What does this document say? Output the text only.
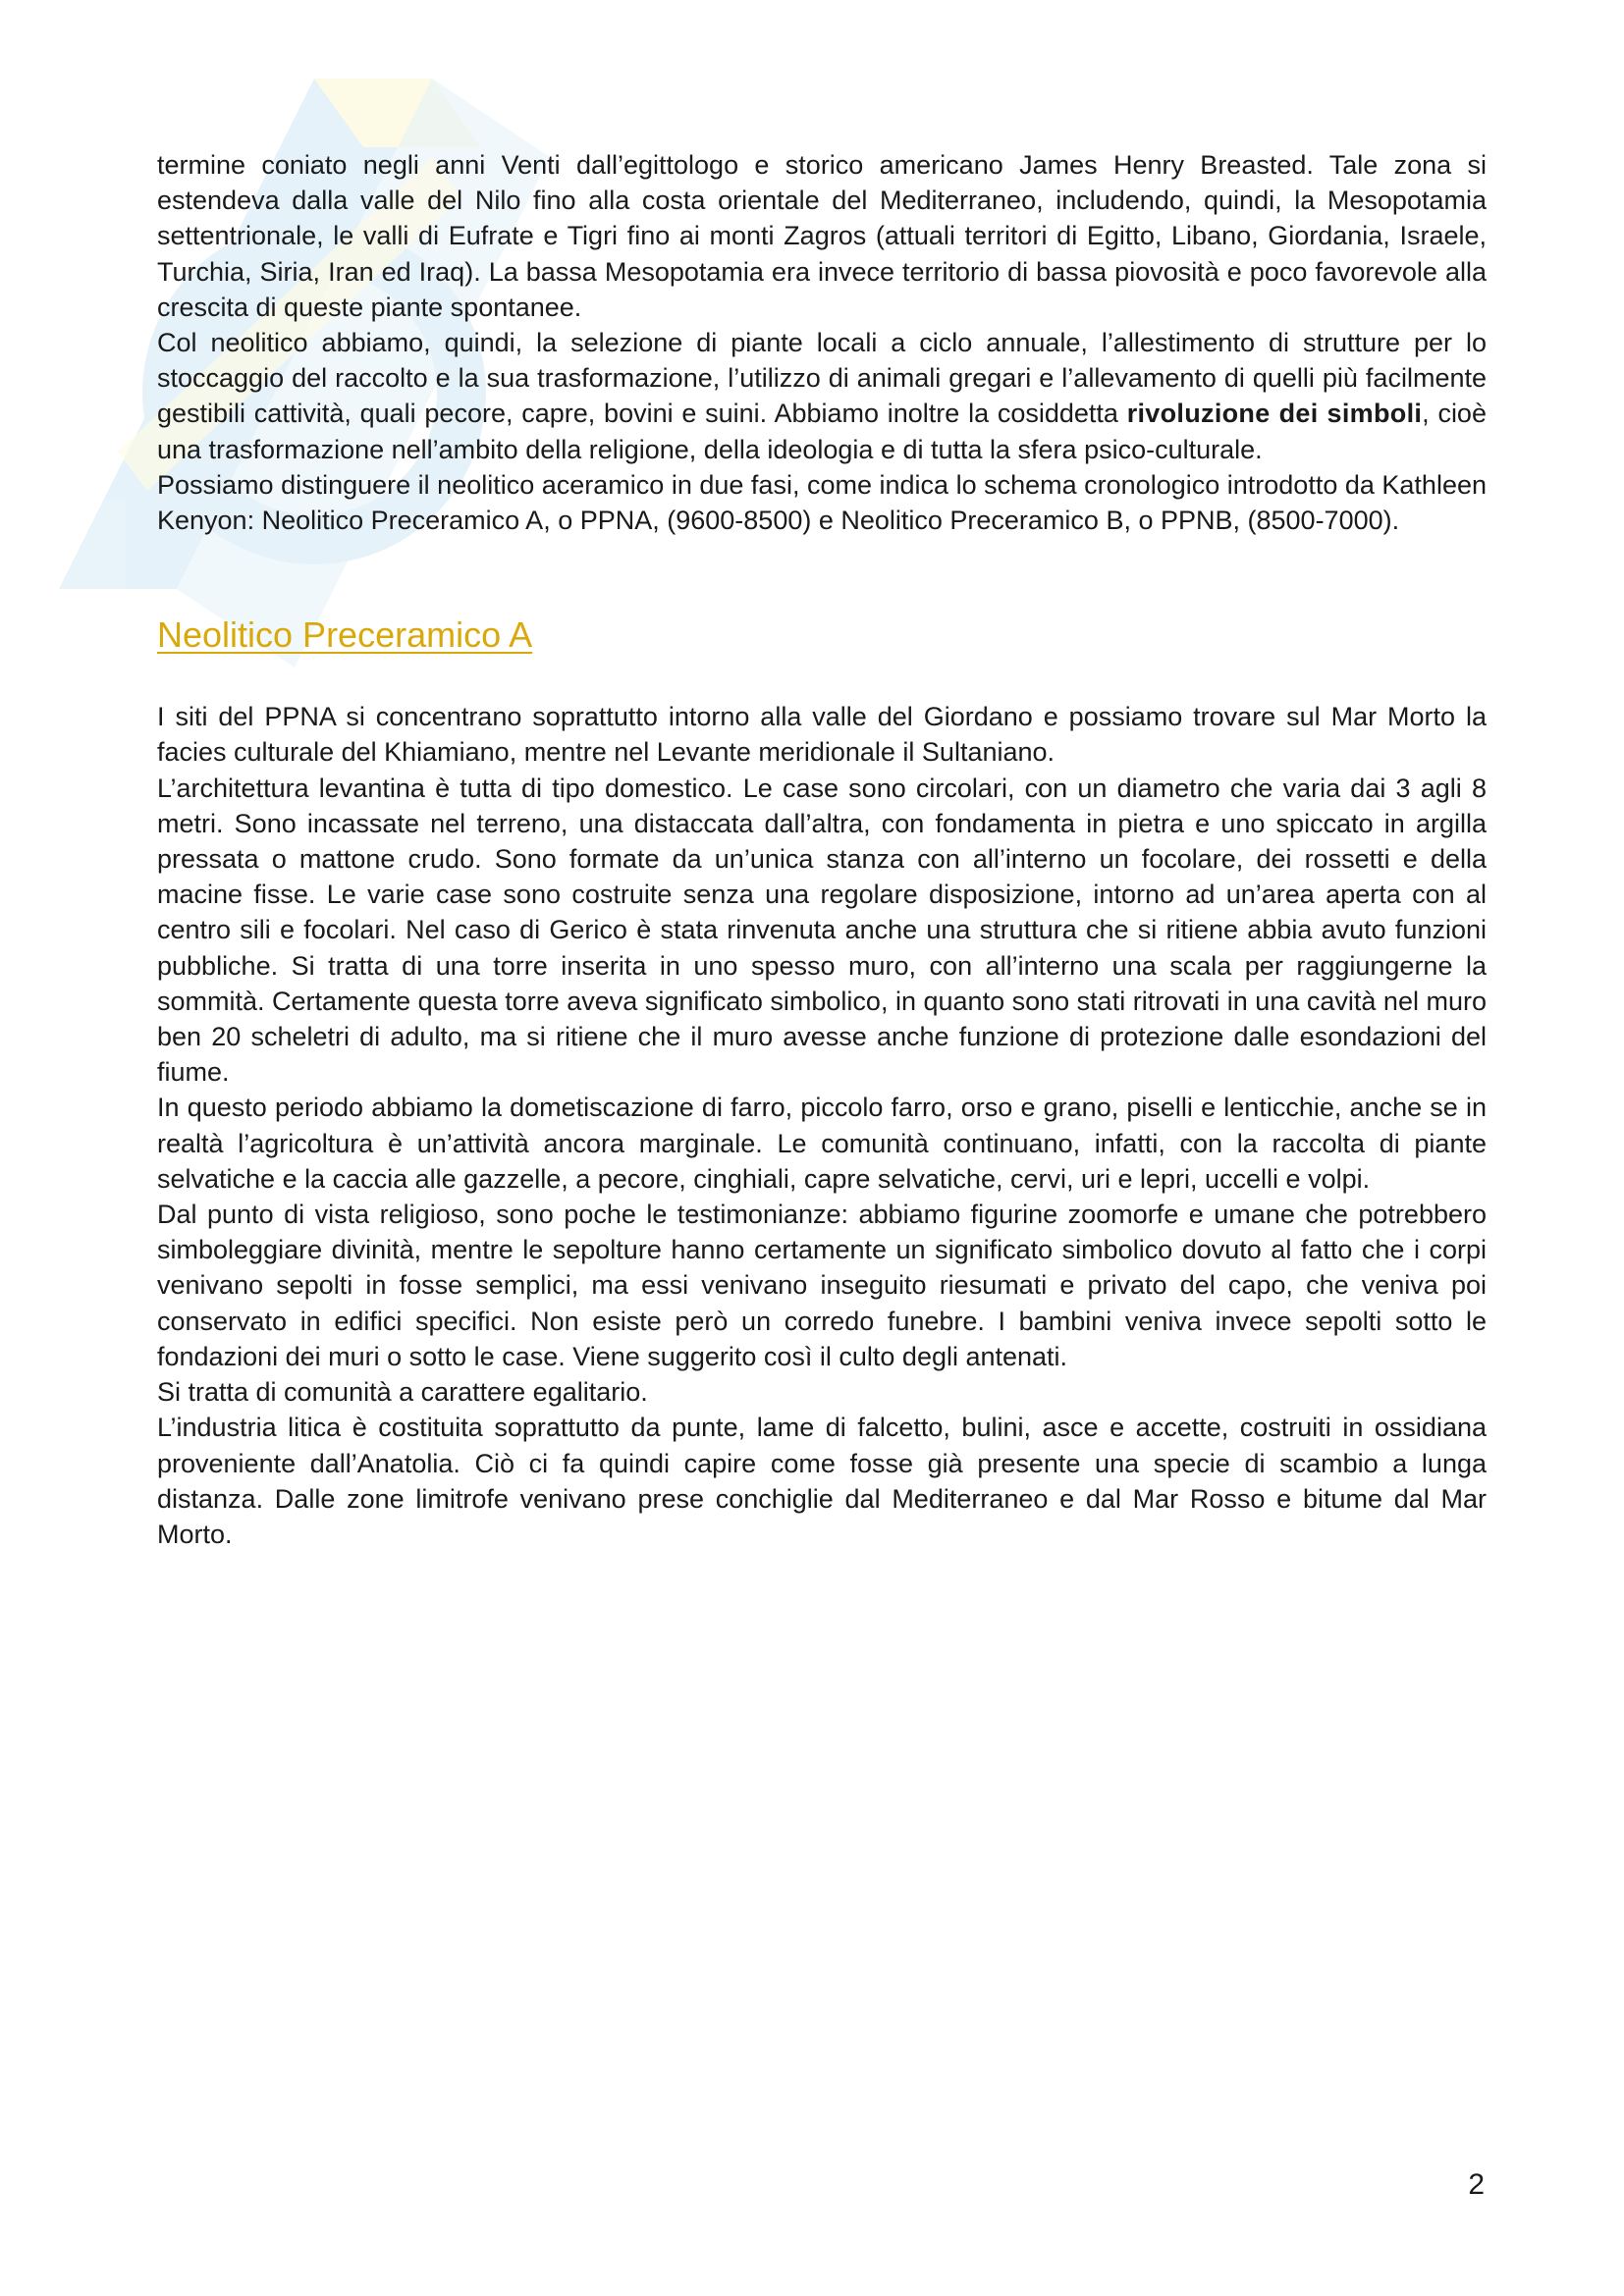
termine coniato negli anni Venti dall’egittologo e storico americano James Henry Breasted. Tale zona si estendeva dalla valle del Nilo fino alla costa orientale del Mediterraneo, includendo, quindi, la Mesopotamia settentrionale, le valli di Eufrate e Tigri fino ai monti Zagros (attuali territori di Egitto, Libano, Giordania, Israele, Turchia, Siria, Iran ed Iraq). La bassa Mesopotamia era invece territorio di bassa piovosità e poco favorevole alla crescita di queste piante spontanee.

Col neolitico abbiamo, quindi, la selezione di piante locali a ciclo annuale, l’allestimento di strutture per lo stoccaggio del raccolto e la sua trasformazione, l’utilizzo di animali gregari e l’allevamento di quelli più facilmente gestibili cattività, quali pecore, capre, bovini e suini. Abbiamo inoltre la cosiddetta rivoluzione dei simboli, cioè una trasformazione nell’ambito della religione, della ideologia e di tutta la sfera psico-culturale.

Possiamo distinguere il neolitico aceramico in due fasi, come indica lo schema cronologico introdotto da Kathleen Kenyon: Neolitico Preceramico A, o PPNA, (9600-8500) e Neolitico Preceramico B, o PPNB, (8500-7000).

Neolitico Preceramico A

I siti del PPNA si concentrano soprattutto intorno alla valle del Giordano e possiamo trovare sul Mar Morto la facies culturale del Khiamiano, mentre nel Levante meridionale il Sultaniano.

L’architettura levantina è tutta di tipo domestico. Le case sono circolari, con un diametro che varia dai 3 agli 8 metri. Sono incassate nel terreno, una distaccata dall’altra, con fondamenta in pietra e uno spiccato in argilla pressata o mattone crudo. Sono formate da un’unica stanza con all’interno un focolare, dei rossetti e della macine fisse. Le varie case sono costruite senza una regolare disposizione, intorno ad un’area aperta con al centro sili e focolari. Nel caso di Gerico è stata rinvenuta anche una struttura che si ritiene abbia avuto funzioni pubbliche. Si tratta di una torre inserita in uno spesso muro, con all’interno una scala per raggiungerne la sommità. Certamente questa torre aveva significato simbolico, in quanto sono stati ritrovati in una cavità nel muro ben 20 scheletri di adulto, ma si ritiene che il muro avesse anche funzione di protezione dalle esondazioni del fiume.

In questo periodo abbiamo la dometiscazione di farro, piccolo farro, orso e grano, piselli e lenticchie, anche se in realtà l’agricoltura è un’attività ancora marginale. Le comunità continuano, infatti, con la raccolta di piante selvatiche e la caccia alle gazzelle, a pecore, cinghiali, capre selvatiche, cervi, uri e lepri, uccelli e volpi.

Dal punto di vista religioso, sono poche le testimonianze: abbiamo figurine zoomorfe e umane che potrebbero simboleggiare divinità, mentre le sepolture hanno certamente un significato simbolico dovuto al fatto che i corpi venivano sepolti in fosse semplici, ma essi venivano inseguito riesumati e privato del capo, che veniva poi conservato in edifici specifici. Non esiste però un corredo funebre. I bambini veniva invece sepolti sotto le fondazioni dei muri o sotto le case. Viene suggerito così il culto degli antenati.

Si tratta di comunità a carattere egalitario.

L’industria litica è costituita soprattutto da punte, lame di falcetto, bulini, asce e accette, costruiti in ossidiana proveniente dall’Anatolia. Ciò ci fa quindi capire come fosse già presente una specie di scambio a lunga distanza. Dalle zone limitrofe venivano prese conchiglie dal Mediterraneo e dal Mar Rosso e bitume dal Mar Morto.

2
